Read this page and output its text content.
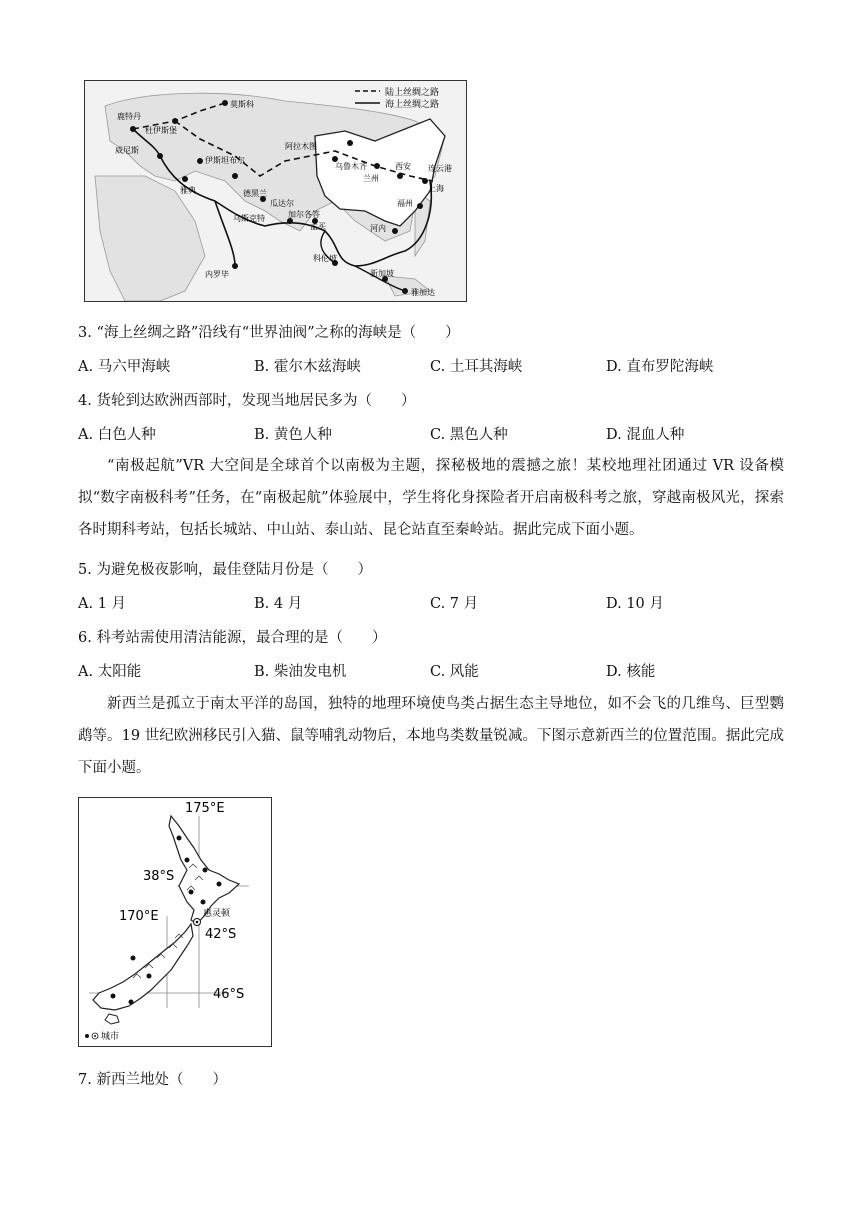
陆上丝绸之路
海上丝绸之路
鹿特丹
莫斯科
杜伊斯堡
威尼斯
伊斯坦布尔
雅典	德黑兰
瓜达尔
乌斯克特	加尔各答
孟买
阿拉木图
乌鲁木齐
兰州
西安 连云港
上海
福州
河内
科伦坡
新加坡
雅加达
内罗毕
3. “海上丝绸之路”沿线有“世界油阀”之称的海峡是（　　）
A. 马六甲海峡	B. 霍尔木兹海峡	C. 土耳其海峡	D. 直布罗陀海峡
4. 货轮到达欧洲西部时，发现当地居民多为（　　）
A. 白色人种	B. 黄色人种	C. 黑色人种	D. 混血人种
“南极起航”VR 大空间是全球首个以南极为主题，探秘极地的震撼之旅！某校地理社团通过 VR 设备模拟“数字南极科考”任务，在“南极起航”体验展中，学生将化身探险者开启南极科考之旅，穿越南极风光，探索各时期科考站，包括长城站、中山站、泰山站、昆仑站直至秦岭站。据此完成下面小题。
5. 为避免极夜影响，最佳登陆月份是（　　）
A. 1 月	B. 4 月	C. 7 月	D. 10 月
6. 科考站需使用清洁能源，最合理的是（　　）
A. 太阳能	B. 柴油发电机	C. 风能	D. 核能
新西兰是孤立于南太平洋的岛国，独特的地理环境使鸟类占据生态主导地位，如不会飞的几维鸟、巨型鹦鹉等。19 世纪欧洲移民引入猫、鼠等哺乳动物后，本地鸟类数量锐减。下图示意新西兰的位置范围。据此完成下面小题。
175°E
38°S
170°E
42°S
46°S
惠灵顿
城市
7. 新西兰地处（　　）
